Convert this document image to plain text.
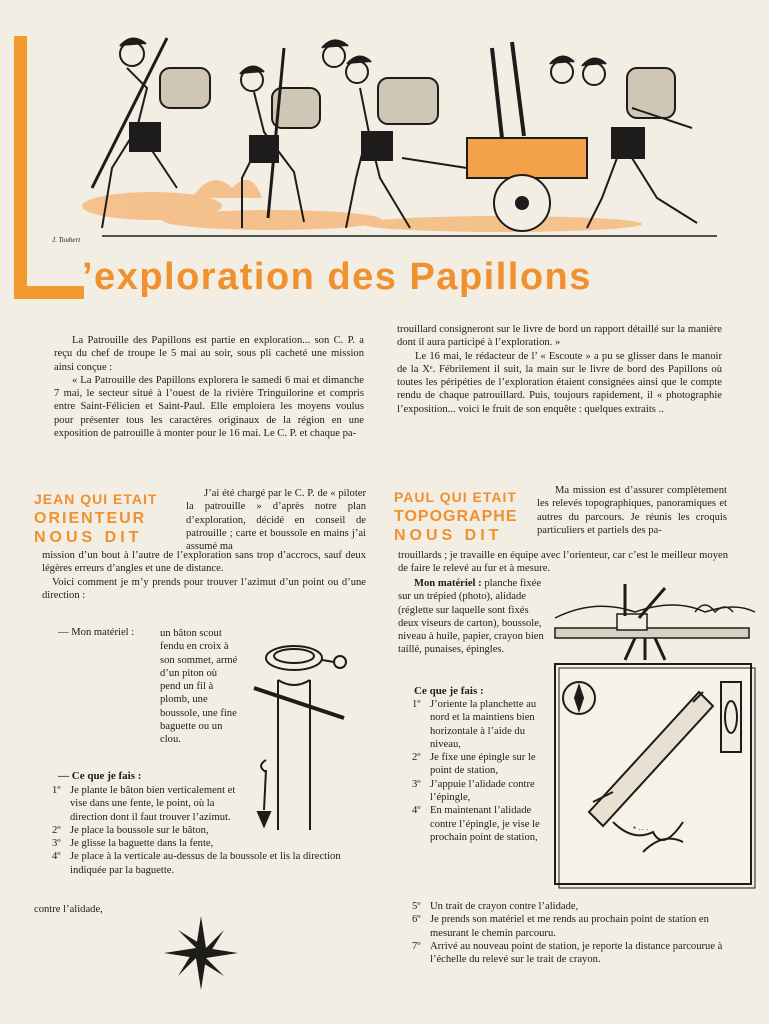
’exploration des Papillons
J. Toubert

La Patrouille des Papillons est partie en exploration... son C. P. a reçu du chef de troupe le 5 mai au soir, sous pli cacheté une mission ainsi conçue :

« La Patrouille des Papillons explorera le samedi 6 mai et dimanche 7 mai, le secteur situé à l’ouest de la rivière Tringuilorine et compris entre Saint-Félicien et Saint-Paul. Elle emploiera les moyens voulus pour présenter tous les caractères originaux de la région en une exposition de patrouille à monter pour le 16 mai. Le C. P. et chaque pa-

trouillard consigneront sur le livre de bord un rapport détaillé sur la manière dont il aura participé à l’exploration. »

Le 16 mai, le rédacteur de l’ « Escoute » a pu se glisser dans le manoir de la Xᵉ. Fébrilement il suit, la main sur le livre de bord des Papillons où toutes les péripéties de l’exploration étaient consignées ainsi que le compte rendu de chaque patrouillard. Puis, toujours rapidement, il « photographie l’exposition... voici le fruit de son enquête : quelques extraits ..

JEAN QUI ETAIT
ORIENTEUR
NOUS DIT

J’ai été chargé par le C. P. de « piloter la patrouille » d’après notre plan d’exploration, décidé en conseil de patrouille ; carte et boussole en mains j’ai assumé ma

mission d’un bout à l’autre de l’exploration sans trop d’accrocs, sauf deux légères erreurs d’angles et une de distance.

Voici comment je m’y prends pour trouver l’azimut d’un point ou d’une direction :

— Mon matériel :	un bâton scout fendu en croix à son sommet, armé d’un piton où pend un fil à plomb, une boussole, une fine baguette ou un clou.

— Ce que je fais :
1º Je plante le bâton bien verticalement et vise dans une fente, le point, où la direction dont il faut trouver l’azimut.
2º Je place la boussole sur le bâton,
3º Je glisse la baguette dans la fente,
4º Je place à la verticale au-dessus de la boussole et lis la direction indiquée par la baguette.
contre l’alidade,
PAUL QUI ETAIT
TOPOGRAPHE
NOUS DIT

Ma mission est d’assurer complètement les relevés topographiques, panoramiques et autres du parcours. Je réunis les croquis particuliers et partiels des pa-

trouillards ; je travaille en équipe avec l’orienteur, car c’est le meilleur moyen de faire le relevé au fur et à mesure.

Mon matériel : planche fixée sur un trépied (photo), alidade (réglette sur laquelle sont fixés deux viseurs de carton), boussole, niveau à huile, papier, crayon bien taillé, punaises, épingles.

Ce que je fais :
1º J’oriente la planchette au nord et la maintiens bien horizontale à l’aide du niveau,
2º Je fixe une épingle sur le point de station,
3º J’appuie l’alidade contre l’épingle,
4º En maintenant l’alidade contre l’épingle, je vise le prochain point de station,
* ·· ·
5º Un trait de crayon contre l’alidade,
6º Je prends son matériel et me rends au prochain point de station en mesurant le chemin parcouru.
7º Arrivé au nouveau point de station, je reporte la distance parcourue à l’échelle du relevé sur le trait de crayon.
